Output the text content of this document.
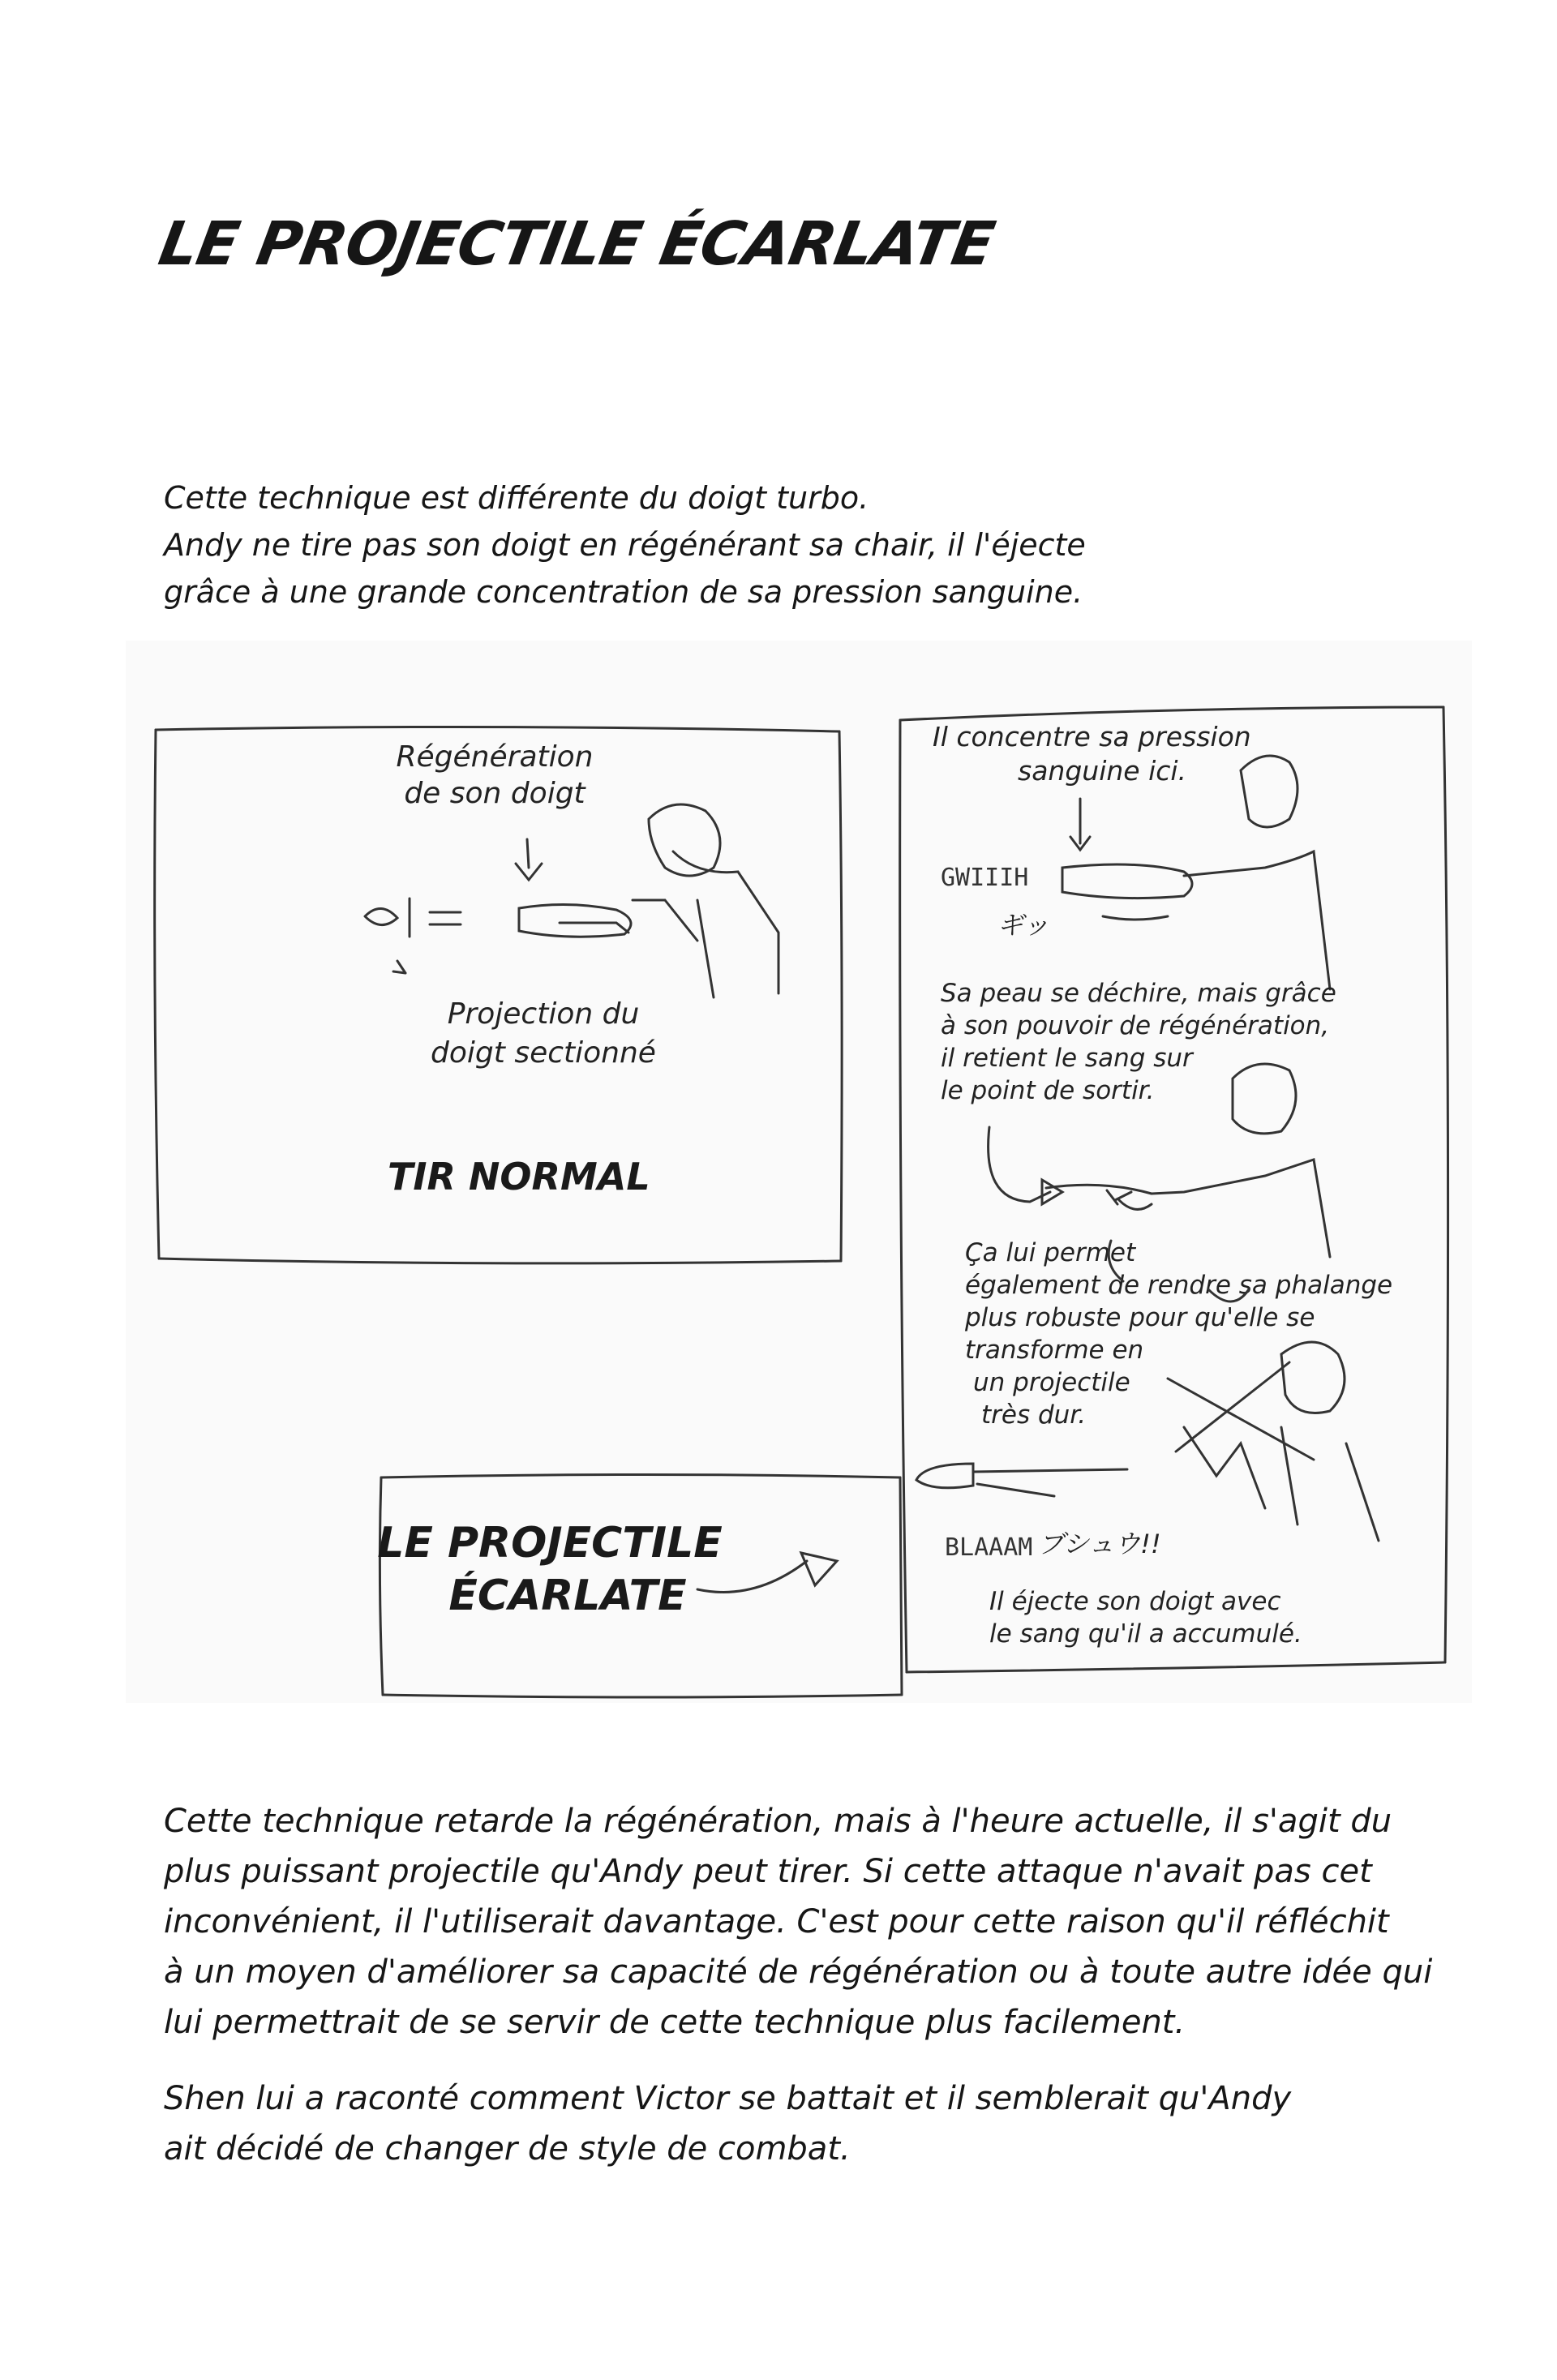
LE PROJECTILE ÉCARLATE
Cette technique est différente du doigt turbo.
Andy ne tire pas son doigt en régénérant sa chair, il l'éjecte
grâce à une grande concentration de sa pression sanguine.
Régénération
de son doigt
Projection du
doigt sectionné
TIR NORMAL
Il concentre sa pression
sanguine ici.
GWIIIH
ギッ
Sa peau se déchire, mais grâce
à son pouvoir de régénération,
il retient le sang sur
le point de sortir.
Ça lui permet
également de rendre sa phalange
plus robuste pour qu'elle se
transforme en
un projectile
très dur.
BLAAAM ブシュウ!!
Il éjecte son doigt avec
le sang qu'il a accumulé.
LE PROJECTILE
ÉCARLATE
Cette technique retarde la régénération, mais à l'heure actuelle, il s'agit du
plus puissant projectile qu'Andy peut tirer. Si cette attaque n'avait pas cet
inconvénient, il l'utiliserait davantage. C'est pour cette raison qu'il réfléchit
à un moyen d'améliorer sa capacité de régénération ou à toute autre idée qui
lui permettrait de se servir de cette technique plus facilement.
Shen lui a raconté comment Victor se battait et il semblerait qu'Andy
ait décidé de changer de style de combat.
